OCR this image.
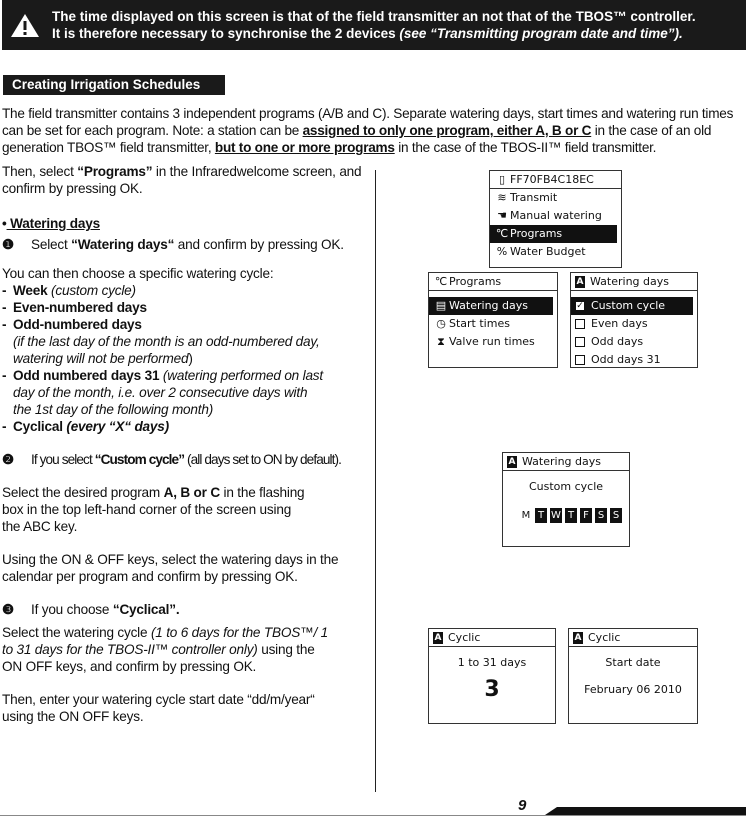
The time displayed on this screen is that of the field transmitter an not that of the TBOS™ controller.
It is therefore necessary to synchronise the 2 devices (see “Transmitting program date and time”).
Creating Irrigation Schedules
The field transmitter contains 3 independent programs (A/B and C). Separate watering days, start times and watering run times can be set for each program. Note: a station can be assigned to only one program, either A, B or C in the case of an old generation TBOS™ field transmitter, but to one or more programs in the case of the TBOS-II™ field transmitter.

Then, select “Programs” in the Infraredwelcome screen, and confirm by pressing OK.

• Watering days

❶ Select “Watering days“ and confirm by pressing OK.

You can then choose a specific watering cycle:

- Week (custom cycle)

- Even-numbered days

- Odd-numbered days

(if the last day of the month is an odd-numbered day,

watering will not be performed)

- Odd numbered days 31 (watering performed on last

day of the month, i.e. over 2 consecutive days with

the 1st day of the following month)

- Cyclical (every “X“ days)

❷ If you select “Custom cycle” (all days set to ON by default).

Select the desired program A, B or C in the flashing

box in the top left-hand corner of the screen using

the ABC key.

Using the ON & OFF keys, select the watering days in the

calendar per program and confirm by pressing OK.

❸ If you choose “Cyclical”.

Select the watering cycle (1 to 6 days for the TBOS™/ 1

to 31 days for the TBOS-II™ controller only) using the

ON OFF keys, and confirm by pressing OK.

Then, enter your watering cycle start date “dd/m/year“

using the ON OFF keys.

▯ FF70FB4C18EC
≋ Transmit
☚ Manual watering
℃ Programs
% Water Budget
℃ Programs
▤ Watering days
◷ Start times
⧗ Valve run times
A Watering days
✓ Custom cycle
Even days
Odd days
Odd days 31
A Watering days
Custom cycle
M T W T F S S
A Cyclic
1 to 31 days
3
A Cyclic
Start date
February 06 2010
9
